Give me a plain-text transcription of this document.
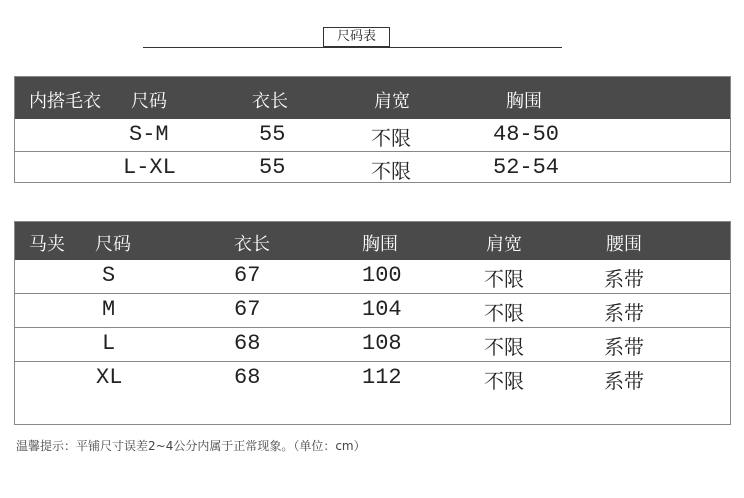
尺码表
内搭毛衣 尺码	衣长	肩宽	胸围
S-M	55	不限	48-50
L-XL	55	不限	52-54
马夹 尺码	衣长	胸围	肩宽	腰围
S	67	100	不限	系带
M	67	104	不限	系带
L	68	108	不限	系带
XL	68	112	不限	系带
温馨提示：平铺尺寸误差2~4公分内属于正常现象。（单位：cm）
